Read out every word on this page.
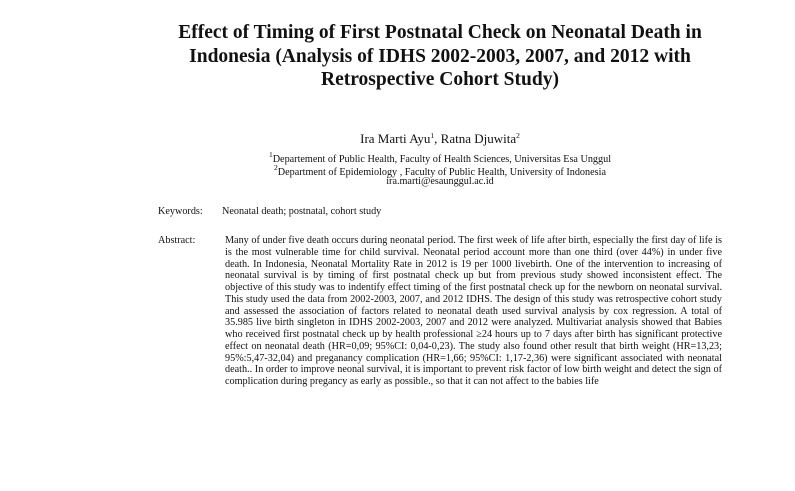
Effect of Timing of First Postnatal Check on Neonatal Death in
Indonesia (Analysis of IDHS 2002-2003, 2007, and 2012 with
Retrospective Cohort Study)
Ira Marti Ayu$^1$, Ratna Djuwita$^2$
$^1$Departement of Public Health, Faculty of Health Sciences, Universitas Esa Unggul
$^2$Department of Epidemiology , Faculty of Public Health, University of Indonesia
ira.marti@esaunggul.ac.id
Keywords:	Neonatal death; postnatal, cohort study
Abstract:	Many of under five death occurs during neonatal period. The first week of life after birth, especially the first day of life is is the most vulnerable time for child survival. Neonatal period account more than one third (over 44%) in under five death. In Indonesia, Neonatal Mortality Rate in 2012 is 19 per 1000 livebirth. One of the intervention to increasing of neonatal survival is by timing of first postnatal check up but from previous study showed inconsistent effect. The objective of this study was to indentify effect timing of the first postnatal check up for the newborn on neonatal survival. This study used the data from 2002-2003, 2007, and 2012 IDHS. The design of this study was retrospective cohort study and assessed the association of factors related to neonatal death used survival analysis by cox regression. A total of 35.985 live birth singleton in IDHS 2002-2003, 2007 and 2012 were analyzed. Multivariat analysis showed that Babies who received first postnatal check up by health professional ≥24 hours up to 7 days after birth has significant protective effect on neonatal death (HR=0,09; 95%CI: 0,04-0,23). The study also found other result that birth weight (HR=13,23; 95%:5,47-32,04) and preganancy complication (HR=1,66; 95%CI: 1,17-2,36) were significant associated with neonatal death.. In order to improve neonal survival, it is important to prevent risk factor of low birth weight and detect the sign of complication during pregancy as early as possible., so that it can not affect to the babies life
